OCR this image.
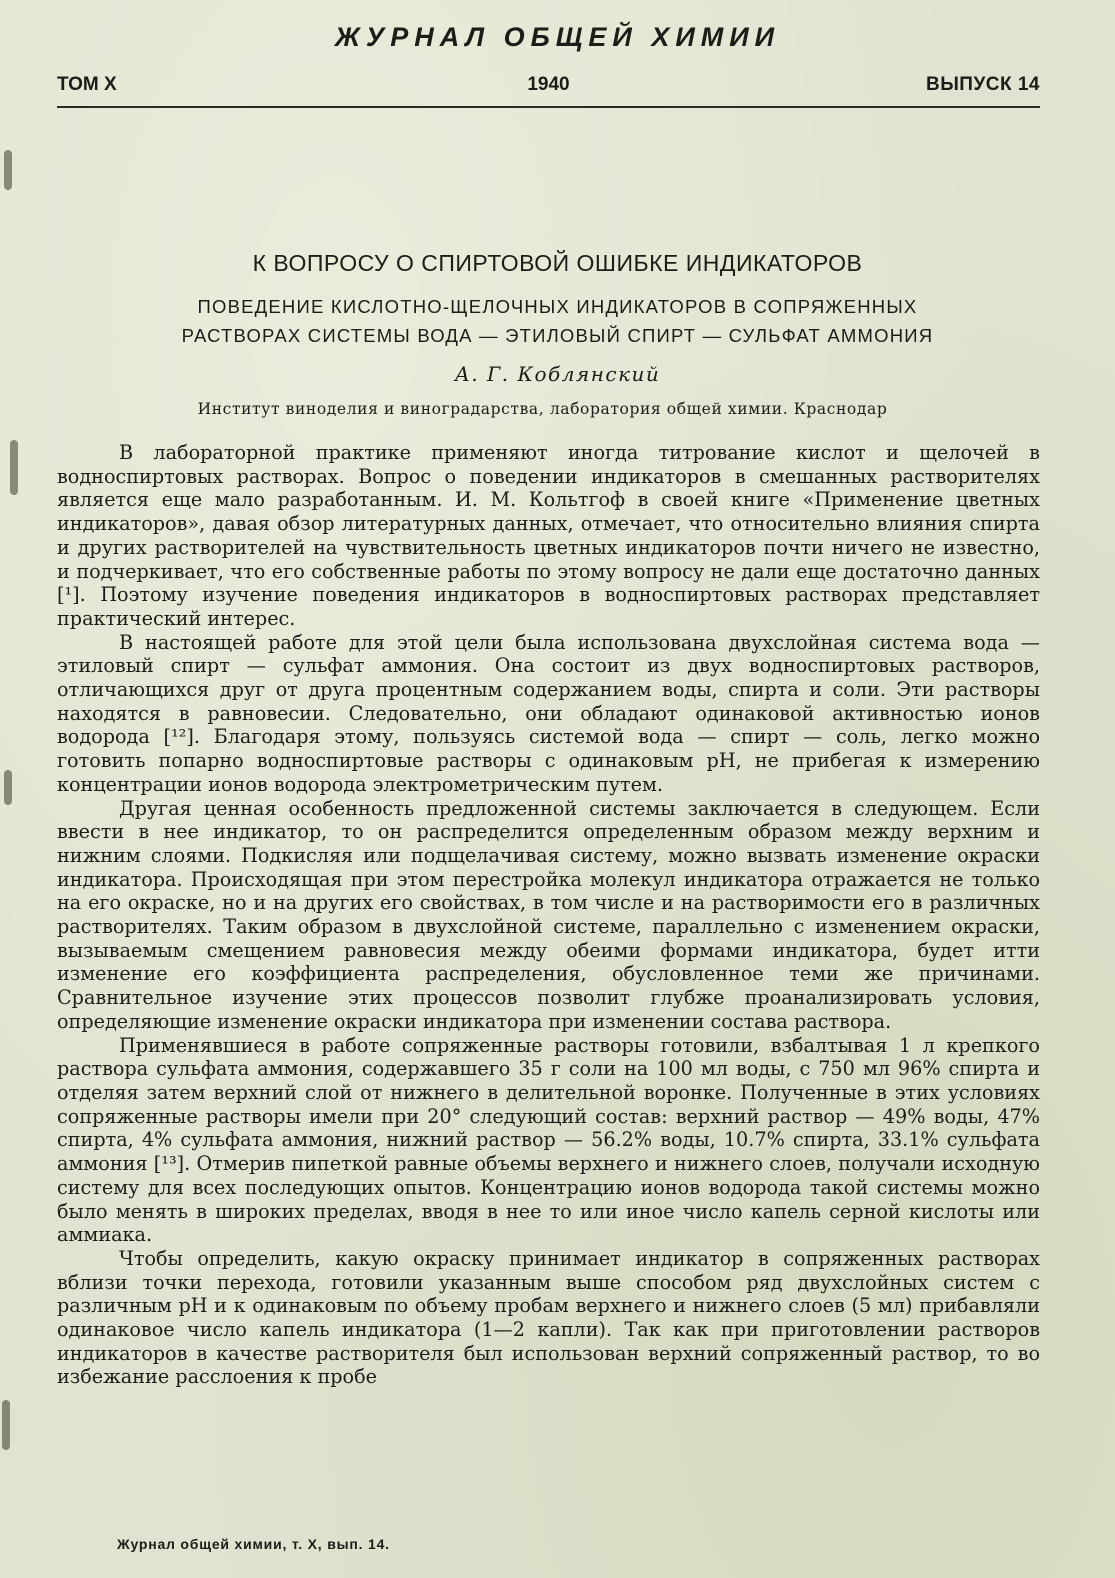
ЖУРНАЛ ОБЩЕЙ ХИМИИ
ТОМ X	1940	ВЫПУСК 14
К ВОПРОСУ О СПИРТОВОЙ ОШИБКЕ ИНДИКАТОРОВ
ПОВЕДЕНИЕ КИСЛОТНО-ЩЕЛОЧНЫХ ИНДИКАТОРОВ В СОПРЯЖЕННЫХ
РАСТВОРАХ СИСТЕМЫ ВОДА — ЭТИЛОВЫЙ СПИРТ — СУЛЬФАТ АММОНИЯ
А. Г. Коблянский
Институт виноделия и виноградарства, лаборатория общей химии. Краснодар

В лабораторной практике применяют иногда титрование кислот и щелочей в водноспиртовых растворах. Вопрос о поведении индикаторов в смешанных растворителях является еще мало разработанным. И. М. Кольтгоф в своей книге «Применение цветных индикаторов», давая обзор литературных данных, отмечает, что относительно влияния спирта и других растворителей на чувствительность цветных индикаторов почти ничего не известно, и подчеркивает, что его собственные работы по этому вопросу не дали еще достаточно данных [¹]. Поэтому изучение поведения индикаторов в водноспиртовых растворах представляет практический интерес.

В настоящей работе для этой цели была использована двухслойная система вода — этиловый спирт — сульфат аммония. Она состоит из двух водноспиртовых растворов, отличающихся друг от друга процентным содержанием воды, спирта и соли. Эти растворы находятся в равновесии. Следовательно, они обладают одинаковой активностью ионов водорода [¹²]. Благодаря этому, пользуясь системой вода — спирт — соль, легко можно готовить попарно водноспиртовые растворы с одинаковым pH, не прибегая к измерению концентрации ионов водорода электрометрическим путем.

Другая ценная особенность предложенной системы заключается в следующем. Если ввести в нее индикатор, то он распределится определенным образом между верхним и нижним слоями. Подкисляя или подщелачивая систему, можно вызвать изменение окраски индикатора. Происходящая при этом перестройка молекул индикатора отражается не только на его окраске, но и на других его свойствах, в том числе и на растворимости его в различных растворителях. Таким образом в двухслойной системе, параллельно с изменением окраски, вызываемым смещением равновесия между обеими формами индикатора, будет итти изменение его коэффициента распределения, обусловленное теми же причинами. Сравнительное изучение этих процессов позволит глубже проанализировать условия, определяющие изменение окраски индикатора при изменении состава раствора.

Применявшиеся в работе сопряженные растворы готовили, взбалтывая 1 л крепкого раствора сульфата аммония, содержавшего 35 г соли на 100 мл воды, с 750 мл 96% спирта и отделяя затем верхний слой от нижнего в делительной воронке. Полученные в этих условиях сопряженные растворы имели при 20° следующий состав: верхний раствор — 49% воды, 47% спирта, 4% сульфата аммония, нижний раствор — 56.2% воды, 10.7% спирта, 33.1% сульфата аммония [¹³]. Отмерив пипеткой равные объемы верхнего и нижнего слоев, получали исходную систему для всех последующих опытов. Концентрацию ионов водорода такой системы можно было менять в широких пределах, вводя в нее то или иное число капель серной кислоты или аммиака.

Чтобы определить, какую окраску принимает индикатор в сопряженных растворах вблизи точки перехода, готовили указанным выше способом ряд двухслойных систем с различным pH и к одинаковым по объему пробам верхнего и нижнего слоев (5 мл) прибавляли одинаковое число капель индикатора (1—2 капли). Так как при приготовлении растворов индикаторов в качестве растворителя был использован верхний сопряженный раствор, то во избежание расслоения к пробе

Журнал общей химии, т. X, вып. 14.
